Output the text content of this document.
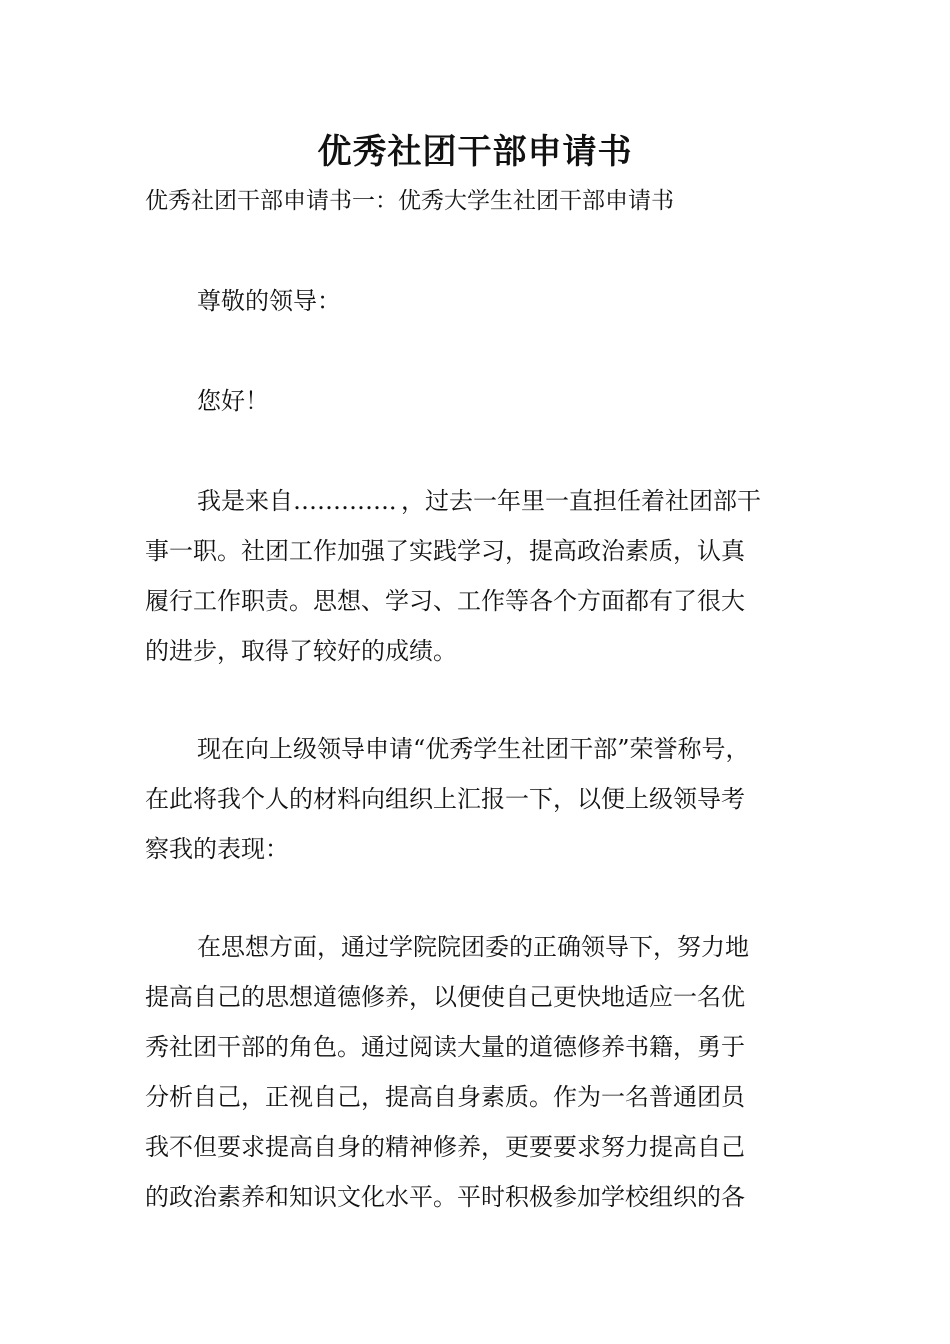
优秀社团干部申请书

优秀社团干部申请书一：优秀大学生社团干部申请书

尊敬的领导：

您好！

我是来自…………．，过去一年里一直担任着社团部干
事一职。社团工作加强了实践学习，提高政治素质，认真
履行工作职责。思想、学习、工作等各个方面都有了很大
的进步，取得了较好的成绩。

现在向上级领导申请“优秀学生社团干部”荣誉称号，
在此将我个人的材料向组织上汇报一下，以便上级领导考
察我的表现：

在思想方面，通过学院院团委的正确领导下，努力地
提高自己的思想道德修养，以便使自己更快地适应一名优
秀社团干部的角色。通过阅读大量的道德修养书籍，勇于
分析自己，正视自己，提高自身素质。作为一名普通团员
我不但要求提高自身的精神修养，更要要求努力提高自己
的政治素养和知识文化水平。平时积极参加学校组织的各
